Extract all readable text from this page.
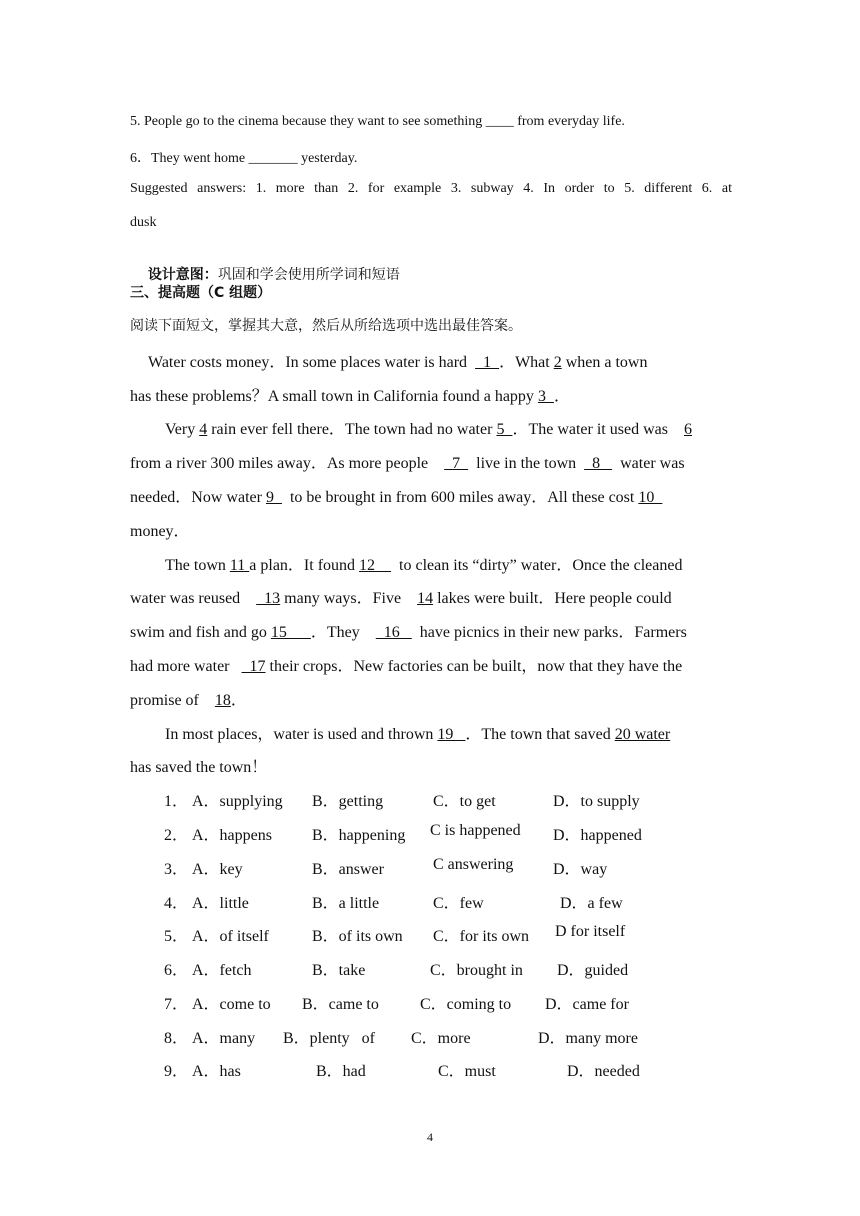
5. People go to the cinema because they want to see something ____ from everyday life.
6．They went home _______ yesterday.
Suggested answers: 1. more than 2. for example 3. subway 4. In order to 5. different 6. at
dusk

设计意图：巩固和学会使用所学词和短语

三、提高题（C 组题）
阅读下面短文，掌握其大意，然后从所给选项中选出最佳答案。
Water costs money．In some places water is hard    1  ．What 2 when a town
has these problems？A small town in California found a happy 3  ．
Very 4 rain ever fell there．The town had no water 5  ．The water it used was    6
from a river 300 miles away．As more people      7    live in the town    8     water was
needed．Now water 9    to be brought in from 600 miles away．All these cost 10
money．
The town 11 a plan．It found 12      to clean its “dirty” water．Once the cleaned
water was reused      13 many ways．Five    14 lakes were built．Here people could
swim and fish and go 15      ．They      16     have picnics in their new parks．Farmers
had more water     17 their crops．New factories can be built，now that they have the
promise of    18．
In most places，water is used and thrown 19   ．The town that saved 20 water
has saved the town！
1． A．supplying B．getting	C．to get	D．to supply
2． A．happens	B．happening C is happened D．happened
3． A．key	B．answer	C answering D．way
4． A．little	B．a little	C．few	D．a few
5． A．of itself	B．of its own C．for its own D for itself
6． A．fetch	B．take	C．brought in D．guided
7． A．come to B．came to	C．coming to D．came for
8． A．many B．plenty   of C．more	D．many more
9． A．has	B．had	C．must	D．needed
4
